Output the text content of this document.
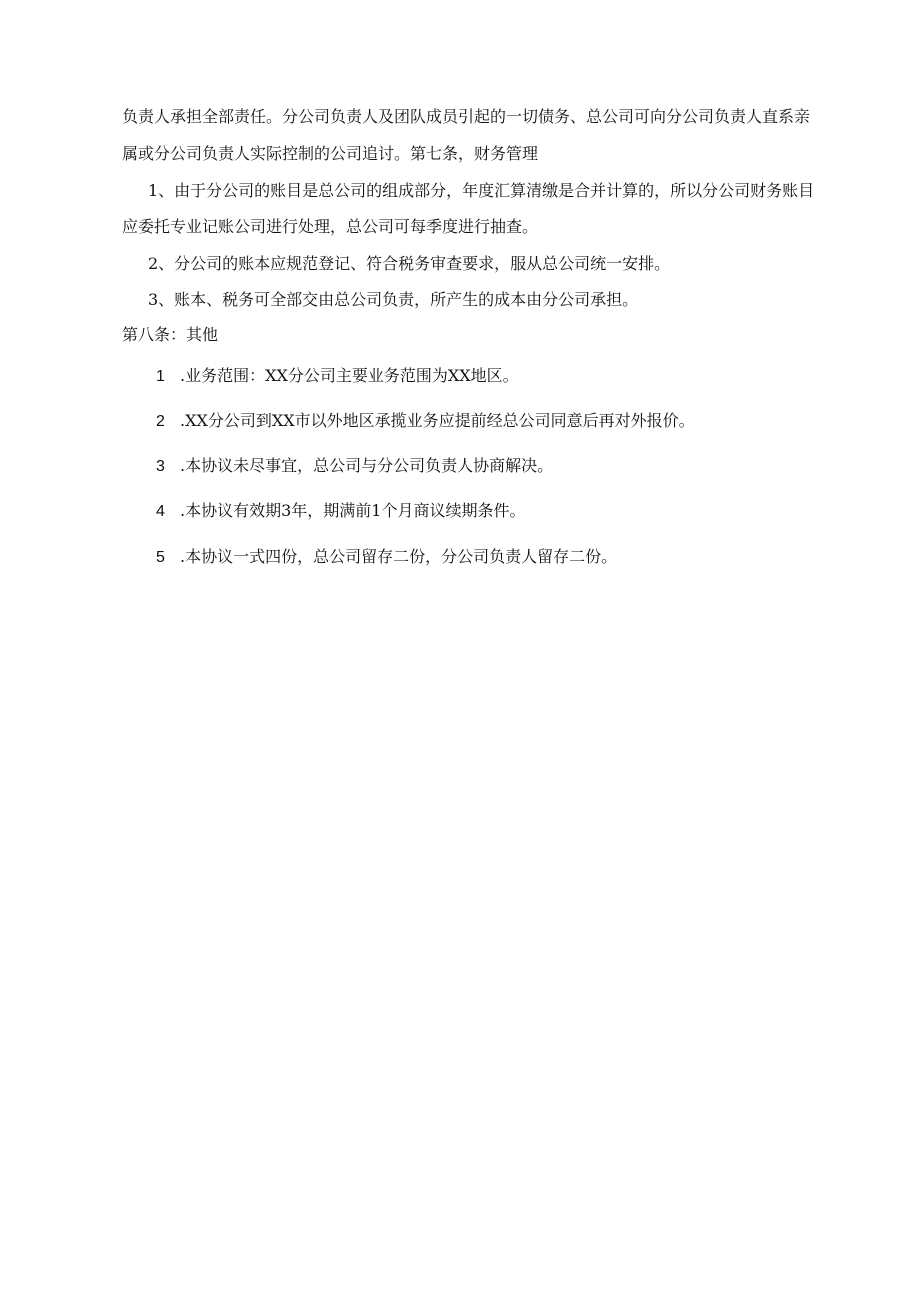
负责人承担全部责任。分公司负责人及团队成员引起的一切债务、总公司可向分公司负责人直系亲

属或分公司负责人实际控制的公司追讨。第七条，财务管理

1、由于分公司的账目是总公司的组成部分，年度汇算清缴是合并计算的，所以分公司财务账目

应委托专业记账公司进行处理，总公司可每季度进行抽查。

2、分公司的账本应规范登记、符合税务审查要求，服从总公司统一安排。

3、账本、税务可全部交由总公司负责，所产生的成本由分公司承担。

第八条：其他

1 .业务范围：XX分公司主要业务范围为XX地区。
2 .XX分公司到XX市以外地区承揽业务应提前经总公司同意后再对外报价。
3 .本协议未尽事宜，总公司与分公司负责人协商解决。
4 .本协议有效期3年，期满前1个月商议续期条件。
5 .本协议一式四份，总公司留存二份，分公司负责人留存二份。
